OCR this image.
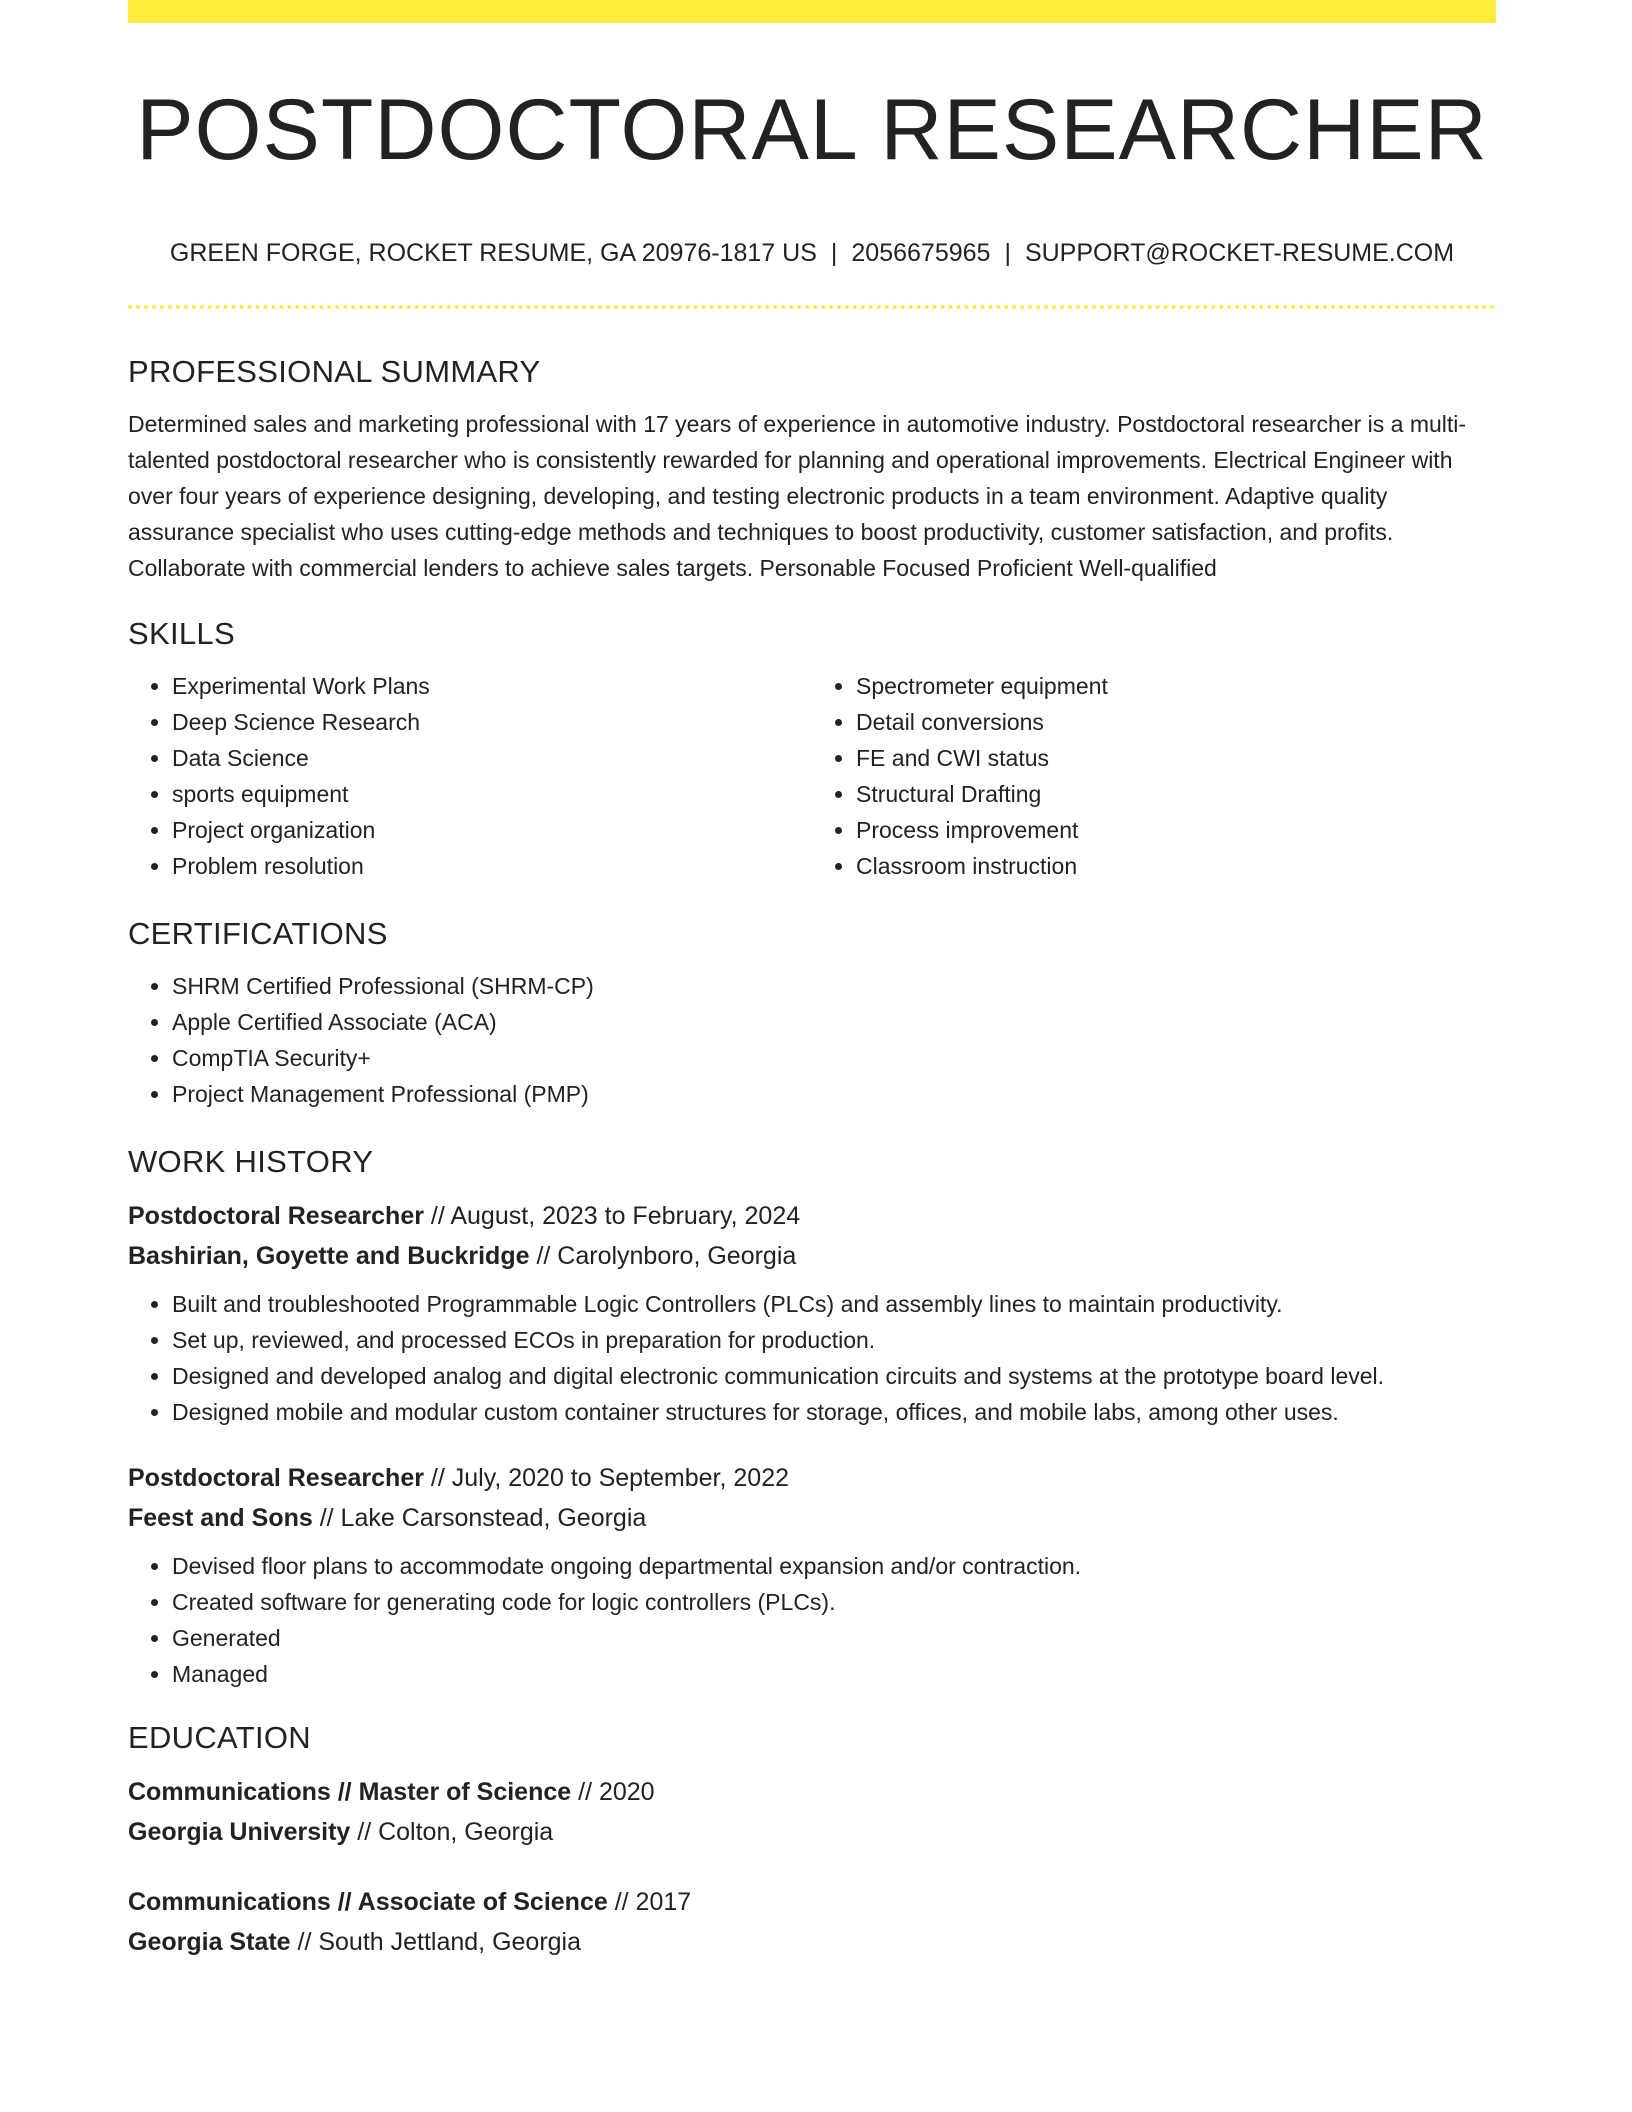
POSTDOCTORAL RESEARCHER
GREEN FORGE, ROCKET RESUME, GA 20976-1817 US | 2056675965 | SUPPORT@ROCKET-RESUME.COM
PROFESSIONAL SUMMARY
Determined sales and marketing professional with 17 years of experience in automotive industry. Postdoctoral researcher is a multi-talented postdoctoral researcher who is consistently rewarded for planning and operational improvements. Electrical Engineer with over four years of experience designing, developing, and testing electronic products in a team environment. Adaptive quality assurance specialist who uses cutting-edge methods and techniques to boost productivity, customer satisfaction, and profits. Collaborate with commercial lenders to achieve sales targets. Personable Focused Proficient Well-qualified
SKILLS
• Experimental Work Plans
• Deep Science Research
• Data Science
• sports equipment
• Project organization
• Problem resolution
• Spectrometer equipment
• Detail conversions
• FE and CWI status
• Structural Drafting
• Process improvement
• Classroom instruction
CERTIFICATIONS
• SHRM Certified Professional (SHRM-CP)
• Apple Certified Associate (ACA)
• CompTIA Security+
• Project Management Professional (PMP)
WORK HISTORY
Postdoctoral Researcher // August, 2023 to February, 2024
Bashirian, Goyette and Buckridge // Carolynboro, Georgia
• Built and troubleshooted Programmable Logic Controllers (PLCs) and assembly lines to maintain productivity.
• Set up, reviewed, and processed ECOs in preparation for production.
• Designed and developed analog and digital electronic communication circuits and systems at the prototype board level.
• Designed mobile and modular custom container structures for storage, offices, and mobile labs, among other uses.
Postdoctoral Researcher // July, 2020 to September, 2022
Feest and Sons // Lake Carsonstead, Georgia
• Devised floor plans to accommodate ongoing departmental expansion and/or contraction.
• Created software for generating code for logic controllers (PLCs).
• Generated
• Managed
EDUCATION
Communications // Master of Science // 2020
Georgia University // Colton, Georgia
Communications // Associate of Science // 2017
Georgia State // South Jettland, Georgia
